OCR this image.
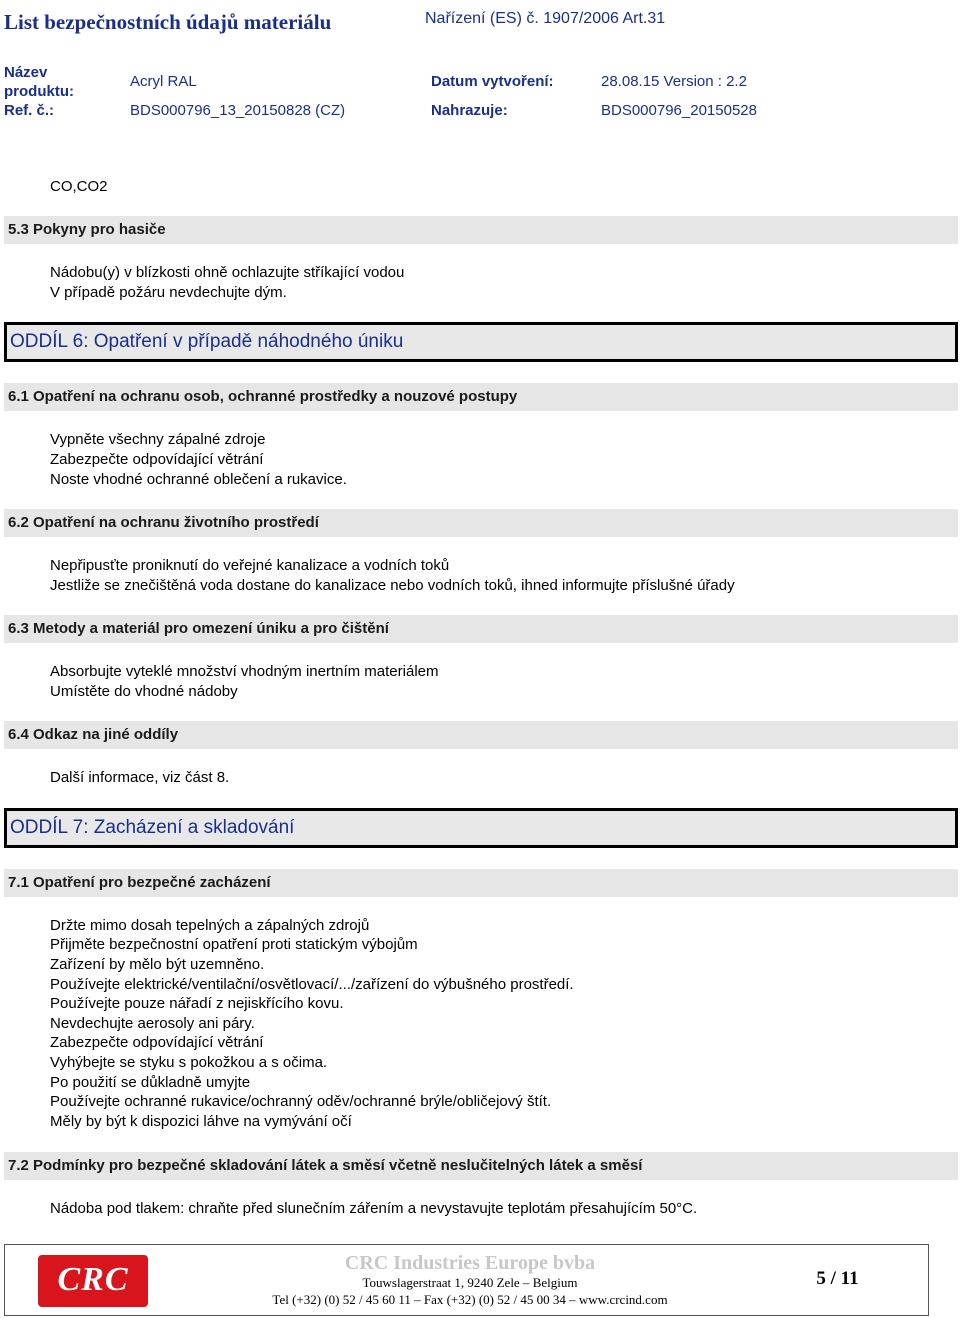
List bezpečnostních údajů materiálu	Nařízení (ES) č. 1907/2006 Art.31
Název
produktu:
Acryl RAL	Datum vytvoření:	28.08.15 Version : 2.2
Ref. č.:	BDS000796_13_20150828 (CZ)	Nahrazuje:	BDS000796_20150528
CO,CO2
5.3 Pokyny pro hasiče
Nádobu(y) v blízkosti ohně ochlazujte stříkající vodou
V případě požáru nevdechujte dým.
ODDÍL 6: Opatření v případě náhodného úniku
6.1 Opatření na ochranu osob, ochranné prostředky a nouzové postupy
Vypněte všechny zápalné zdroje
Zabezpečte odpovídající větrání
Noste vhodné ochranné oblečení a rukavice.
6.2 Opatření na ochranu životního prostředí
Nepřipusťte proniknutí do veřejné kanalizace a vodních toků
Jestliže se znečištěná voda dostane do kanalizace nebo vodních toků, ihned informujte příslušné úřady
6.3 Metody a materiál pro omezení úniku a pro čištění
Absorbujte vyteklé množství vhodným inertním materiálem
Umístěte do vhodné nádoby
6.4 Odkaz na jiné oddíly
Další informace, viz část 8.
ODDÍL 7: Zacházení a skladování
7.1 Opatření pro bezpečné zacházení
Držte mimo dosah tepelných a zápalných zdrojů
Přijměte bezpečnostní opatření proti statickým výbojům
Zařízení by mělo být uzemněno.
Používejte elektrické/ventilační/osvětlovací/.../zařízení do výbušného prostředí.
Používejte pouze nářadí z nejiskřícího kovu.
Nevdechujte aerosoly ani páry.
Zabezpečte odpovídající větrání
Vyhýbejte se styku s pokožkou a s očima.
Po použití se důkladně umyjte
Používejte ochranné rukavice/ochranný oděv/ochranné brýle/obličejový štít.
Měly by být k dispozici láhve na vymývání očí
7.2 Podmínky pro bezpečné skladování látek a směsí včetně neslučitelných látek a směsí
Nádoba pod tlakem: chraňte před slunečním zářením a nevystavujte teplotám přesahujícím 50°C.
CRC	CRC Industries Europe bvba
Touwslagerstraat 1, 9240 Zele – Belgium
Tel (+32) (0) 52 / 45 60 11 – Fax (+32) (0) 52 / 45 00 34 – www.crcind.com
5 / 11
